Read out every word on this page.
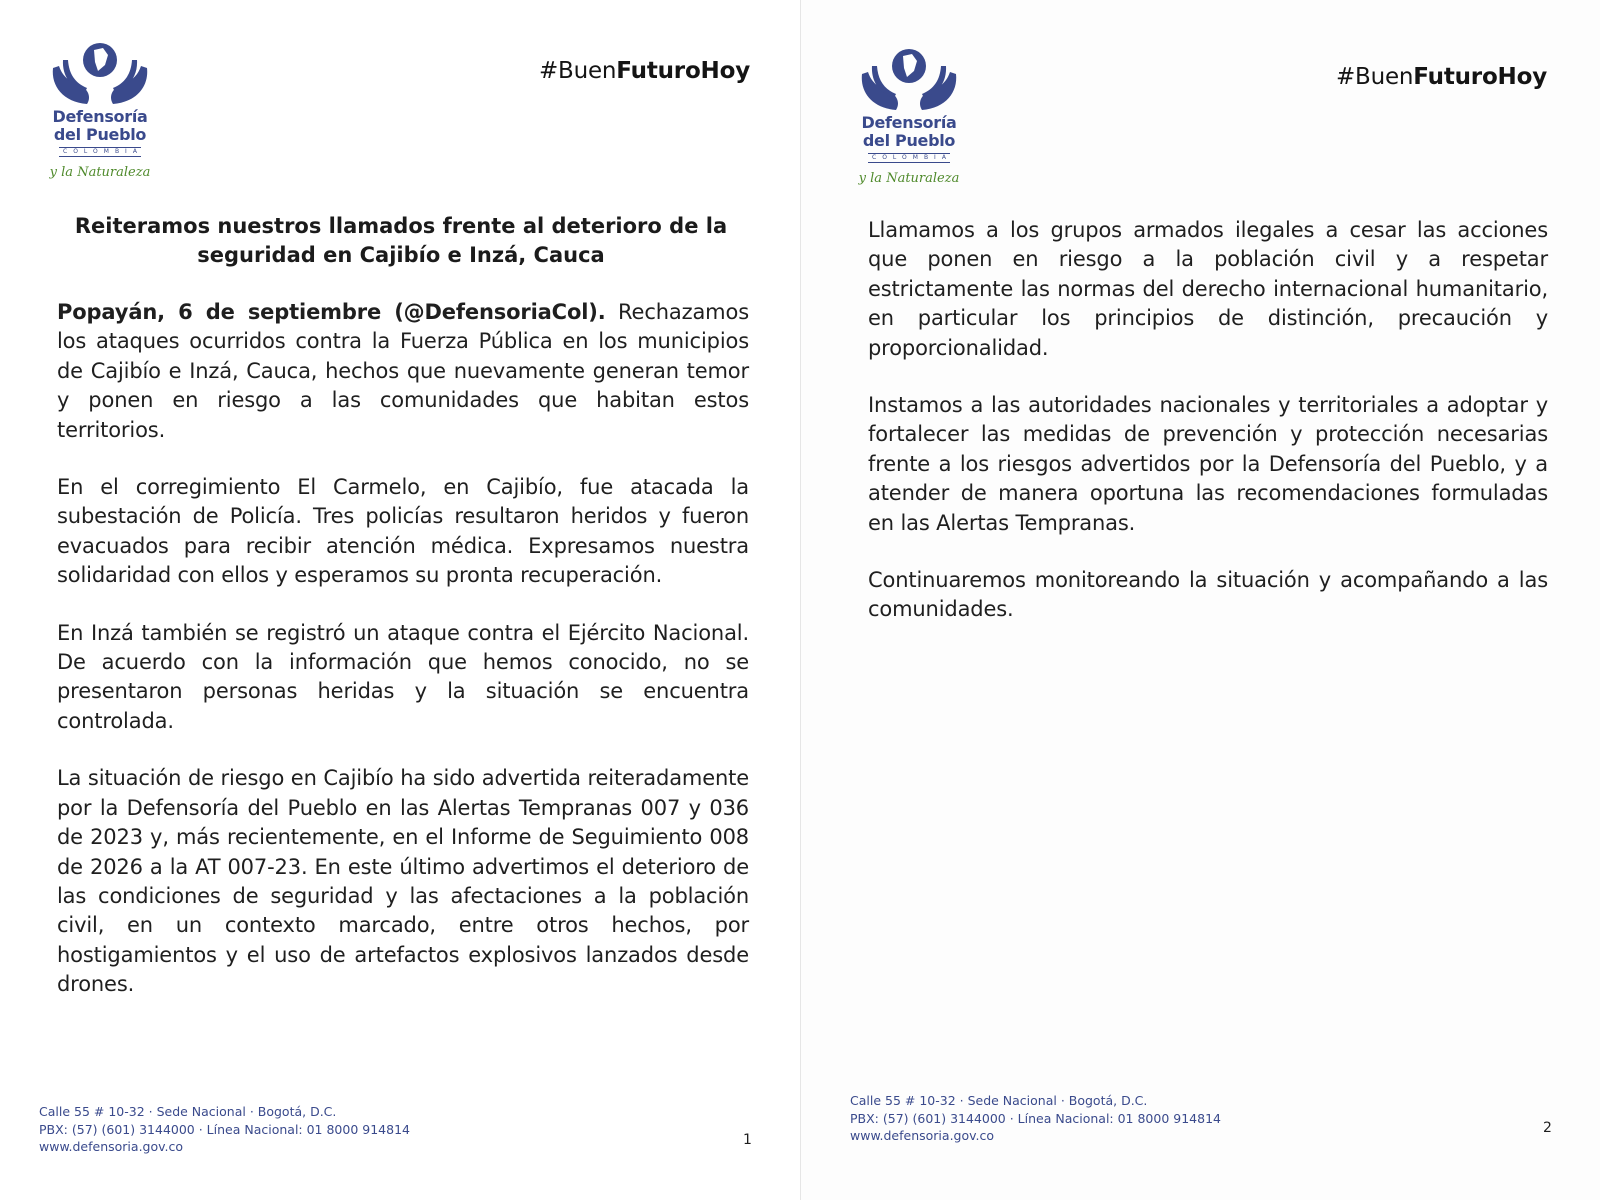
Defensoría
del Pueblo
COLOMBIA
y la Naturaleza
#BuenFuturoHoy
Reiteramos nuestros llamados frente al deterioro de la
seguridad en Cajibío e Inzá, Cauca

Popayán, 6 de septiembre (@DefensoriaCol). Rechazamos los ataques ocurridos contra la Fuerza Pública en los municipios de Cajibío e Inzá, Cauca, hechos que nuevamente generan temor y ponen en riesgo a las comunidades que habitan estos territorios.

En el corregimiento El Carmelo, en Cajibío, fue atacada la subestación de Policía. Tres policías resultaron heridos y fueron evacuados para recibir atención médica. Expresamos nuestra solidaridad con ellos y esperamos su pronta recuperación.

En Inzá también se registró un ataque contra el Ejército Nacional. De acuerdo con la información que hemos conocido, no se presentaron personas heridas y la situación se encuentra controlada.

La situación de riesgo en Cajibío ha sido advertida reiteradamente por la Defensoría del Pueblo en las Alertas Tempranas 007 y 036 de 2023 y, más recientemente, en el Informe de Seguimiento 008 de 2026 a la AT 007-23. En este último advertimos el deterioro de las condiciones de seguridad y las afectaciones a la población civil, en un contexto marcado, entre otros hechos, por hostigamientos y el uso de artefactos explosivos lanzados desde drones.

Calle 55 # 10-32 · Sede Nacional · Bogotá, D.C.
PBX: (57) (601) 3144000 · Línea Nacional: 01 8000 914814
www.defensoria.gov.co	1
Defensoría
del Pueblo
COLOMBIA
y la Naturaleza
#BuenFuturoHoy

Llamamos a los grupos armados ilegales a cesar las acciones que ponen en riesgo a la población civil y a respetar estrictamente las normas del derecho internacional humanitario, en particular los principios de distinción, precaución y proporcionalidad.

Instamos a las autoridades nacionales y territoriales a adoptar y fortalecer las medidas de prevención y protección necesarias frente a los riesgos advertidos por la Defensoría del Pueblo, y a atender de manera oportuna las recomendaciones formuladas en las Alertas Tempranas.

Continuaremos monitoreando la situación y acompañando a las comunidades.

Calle 55 # 10-32 · Sede Nacional · Bogotá, D.C.
PBX: (57) (601) 3144000 · Línea Nacional: 01 8000 914814
www.defensoria.gov.co	2
